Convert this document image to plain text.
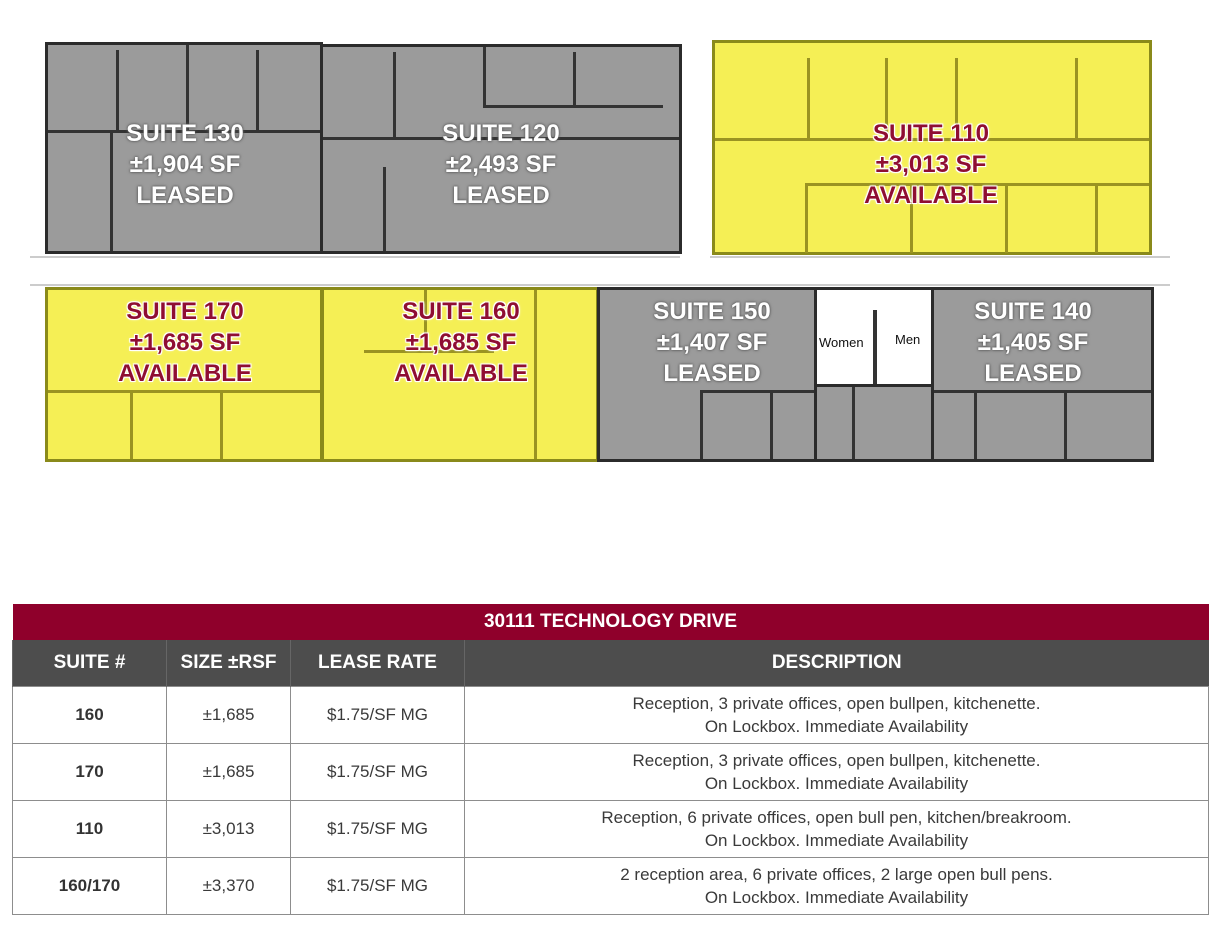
Women Men
SUITE 130
±1,904 SF
LEASED
SUITE 120
±2,493 SF
LEASED
SUITE 110
±3,013 SF
AVAILABLE
SUITE 170
±1,685 SF
AVAILABLE
SUITE 160
±1,685 SF
AVAILABLE
SUITE 150
±1,407 SF
LEASED
SUITE 140
±1,405 SF
LEASED
30111 TECHNOLOGY DRIVE			
SUITE #	SIZE ±RSF	LEASE RATE	DESCRIPTION
160	±1,685	$1.75/SF MG	Reception, 3 private offices, open bullpen, kitchenette.
On Lockbox. Immediate Availability

170	±1,685	$1.75/SF MG	Reception, 3 private offices, open bullpen, kitchenette.
On Lockbox. Immediate Availability

110	±3,013	$1.75/SF MG	Reception, 6 private offices, open bull pen, kitchen/breakroom.
On Lockbox. Immediate Availability

160/170	±3,370	$1.75/SF MG	2 reception area, 6 private offices, 2 large open bull pens.
On Lockbox. Immediate Availability
